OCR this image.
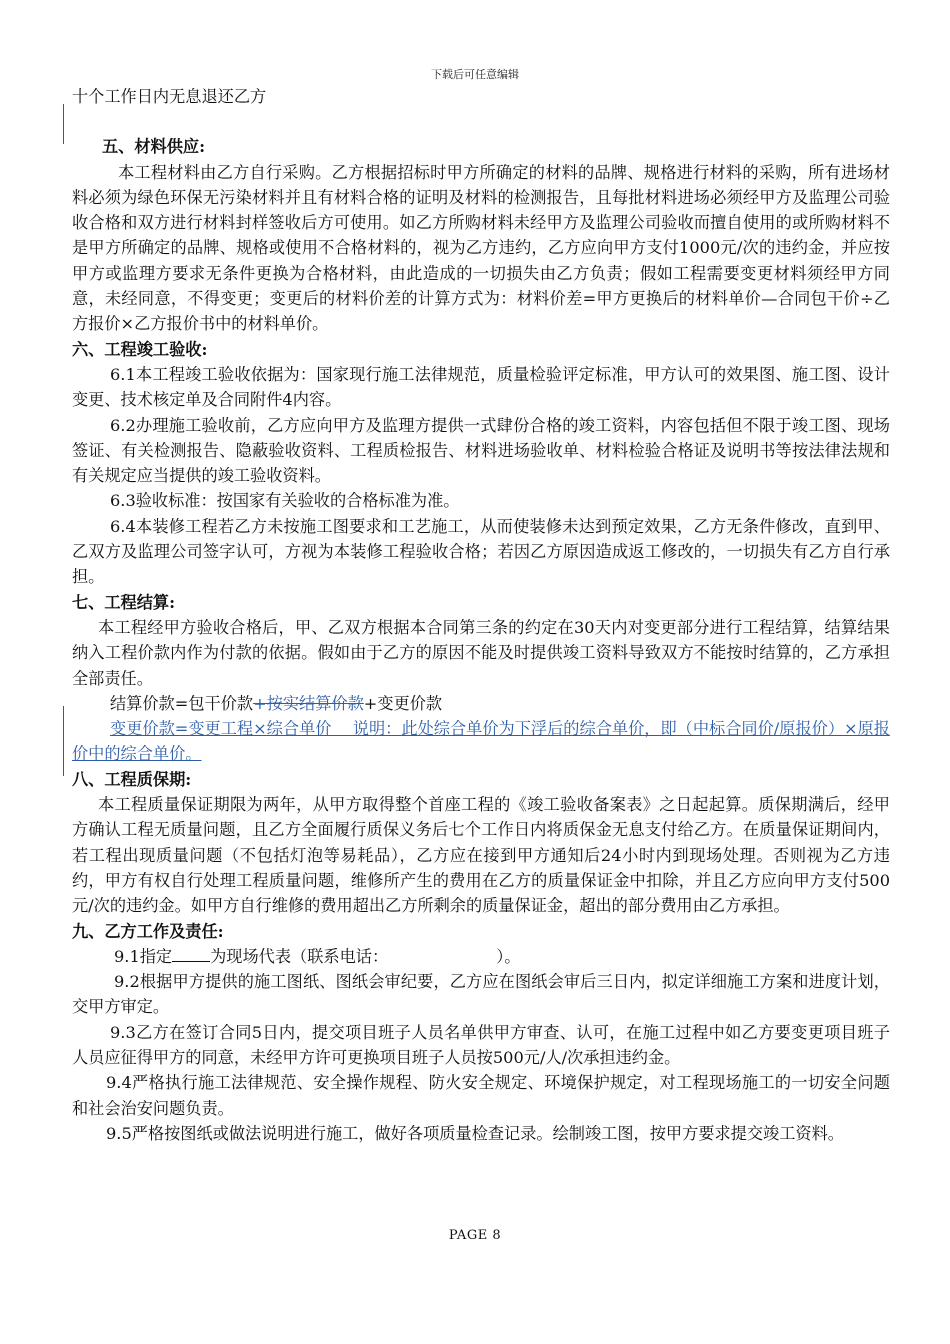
下载后可任意编辑

十个工作日内无息退还乙方

五、材料供应:

本工程材料由乙方自行采购。乙方根据招标时甲方所确定的材料的品牌、规格进行材料的采购，所有进场材料必须为绿色环保无污染材料并且有材料合格的证明及材料的检测报告，且每批材料进场必须经甲方及监理公司验收合格和双方进行材料封样签收后方可使用。如乙方所购材料未经甲方及监理公司验收而擅自使用的或所购材料不是甲方所确定的品牌、规格或使用不合格材料的，视为乙方违约，乙方应向甲方支付1000元/次的违约金，并应按甲方或监理方要求无条件更换为合格材料，由此造成的一切损失由乙方负责；假如工程需要变更材料须经甲方同意，未经同意，不得变更；变更后的材料价差的计算方式为：材料价差=甲方更换后的材料单价—合同包干价÷乙方报价×乙方报价书中的材料单价。

六、工程竣工验收:

6.1本工程竣工验收依据为：国家现行施工法律规范，质量检验评定标准，甲方认可的效果图、施工图、设计变更、技术核定单及合同附件4内容。

6.2办理施工验收前，乙方应向甲方及监理方提供一式肆份合格的竣工资料，内容包括但不限于竣工图、现场签证、有关检测报告、隐蔽验收资料、工程质检报告、材料进场验收单、材料检验合格证及说明书等按法律法规和有关规定应当提供的竣工验收资料。

6.3验收标准：按国家有关验收的合格标准为准。

6.4本装修工程若乙方未按施工图要求和工艺施工，从而使装修未达到预定效果，乙方无条件修改，直到甲、乙双方及监理公司签字认可，方视为本装修工程验收合格；若因乙方原因造成返工修改的，一切损失有乙方自行承担。

七、工程结算:

本工程经甲方验收合格后，甲、乙双方根据本合同第三条的约定在30天内对变更部分进行工程结算，结算结果纳入工程价款内作为付款的依据。假如由于乙方的原因不能及时提供竣工资料导致双方不能按时结算的，乙方承担全部责任。

结算价款=包干价款+按实结算价款+变更价款

变更价款=变更工程×综合单价　 说明：此处综合单价为下浮后的综合单价，即（中标合同价/原报价）×原报价中的综合单价。

八、工程质保期:

本工程质量保证期限为两年，从甲方取得整个首座工程的《竣工验收备案表》之日起起算。质保期满后，经甲方确认工程无质量问题，且乙方全面履行质保义务后七个工作日内将质保金无息支付给乙方。在质量保证期间内，若工程出现质量问题（不包括灯泡等易耗品），乙方应在接到甲方通知后24小时内到现场处理。否则视为乙方违约，甲方有权自行处理工程质量问题，维修所产生的费用在乙方的质量保证金中扣除，并且乙方应向甲方支付500元/次的违约金。如甲方自行维修的费用超出乙方所剩余的质量保证金，超出的部分费用由乙方承担。

九、乙方工作及责任:

9.1指定 为现场代表（联系电话：	）。

9.2根据甲方提供的施工图纸、图纸会审纪要，乙方应在图纸会审后三日内，拟定详细施工方案和进度计划，交甲方审定。

9.3乙方在签订合同5日内，提交项目班子人员名单供甲方审查、认可，在施工过程中如乙方要变更项目班子人员应征得甲方的同意，未经甲方许可更换项目班子人员按500元/人/次承担违约金。

9.4严格执行施工法律规范、安全操作规程、防火安全规定、环境保护规定，对工程现场施工的一切安全问题和社会治安问题负责。

9.5严格按图纸或做法说明进行施工，做好各项质量检查记录。绘制竣工图，按甲方要求提交竣工资料。

PAGE 8
